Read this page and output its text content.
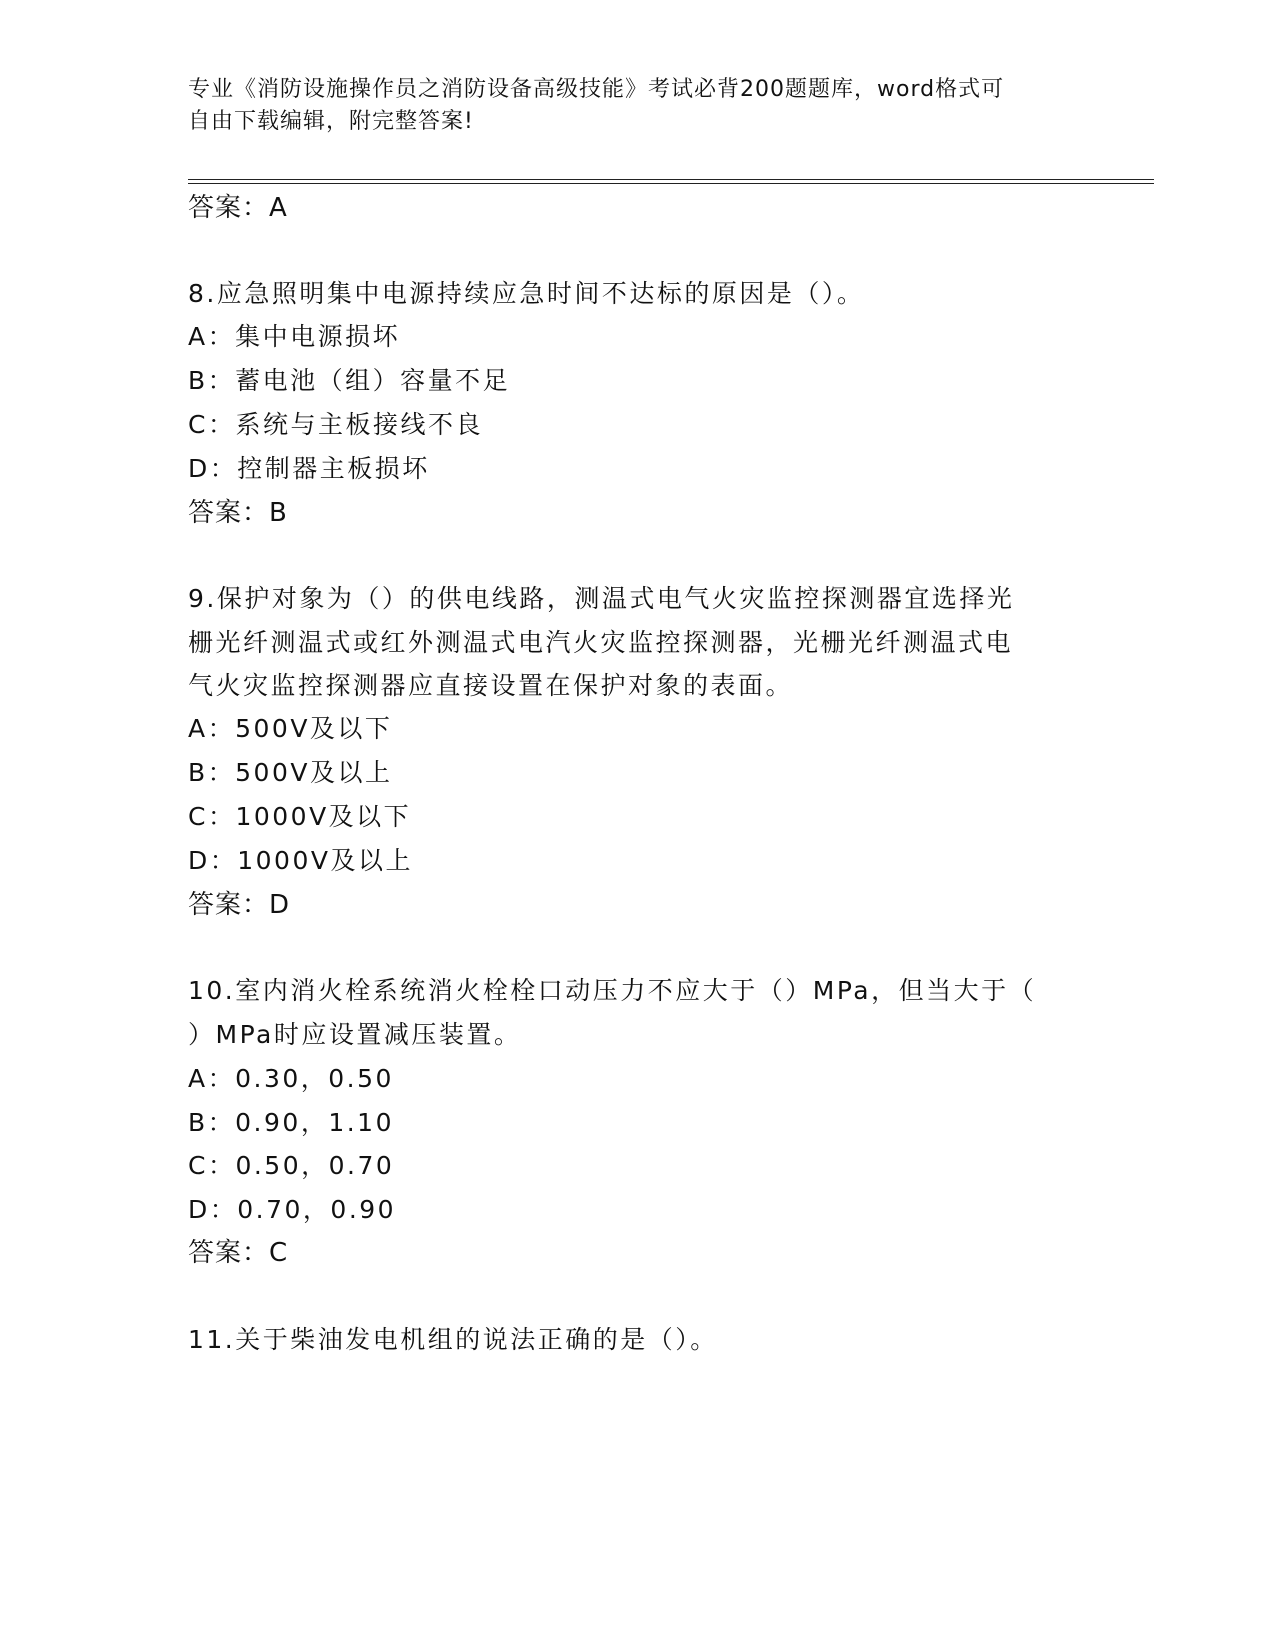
专业《消防设施操作员之消防设备高级技能》考试必背200题题库，word格式可
自由下载编辑，附完整答案!
答案：A
8.应急照明集中电源持续应急时间不达标的原因是（）。
A：集中电源损坏
B：蓄电池（组）容量不足
C：系统与主板接线不良
D：控制器主板损坏
答案：B
9.保护对象为（）的供电线路，测温式电气火灾监控探测器宜选择光
栅光纤测温式或红外测温式电汽火灾监控探测器，光栅光纤测温式电
气火灾监控探测器应直接设置在保护对象的表面。
A：500V及以下
B：500V及以上
C：1000V及以下
D：1000V及以上
答案：D
10.室内消火栓系统消火栓栓口动压力不应大于（）MPa，但当大于（
）MPa时应设置减压装置。
A：0.30，0.50
B：0.90，1.10
C：0.50，0.70
D：0.70，0.90
答案：C
11.关于柴油发电机组的说法正确的是（）。
